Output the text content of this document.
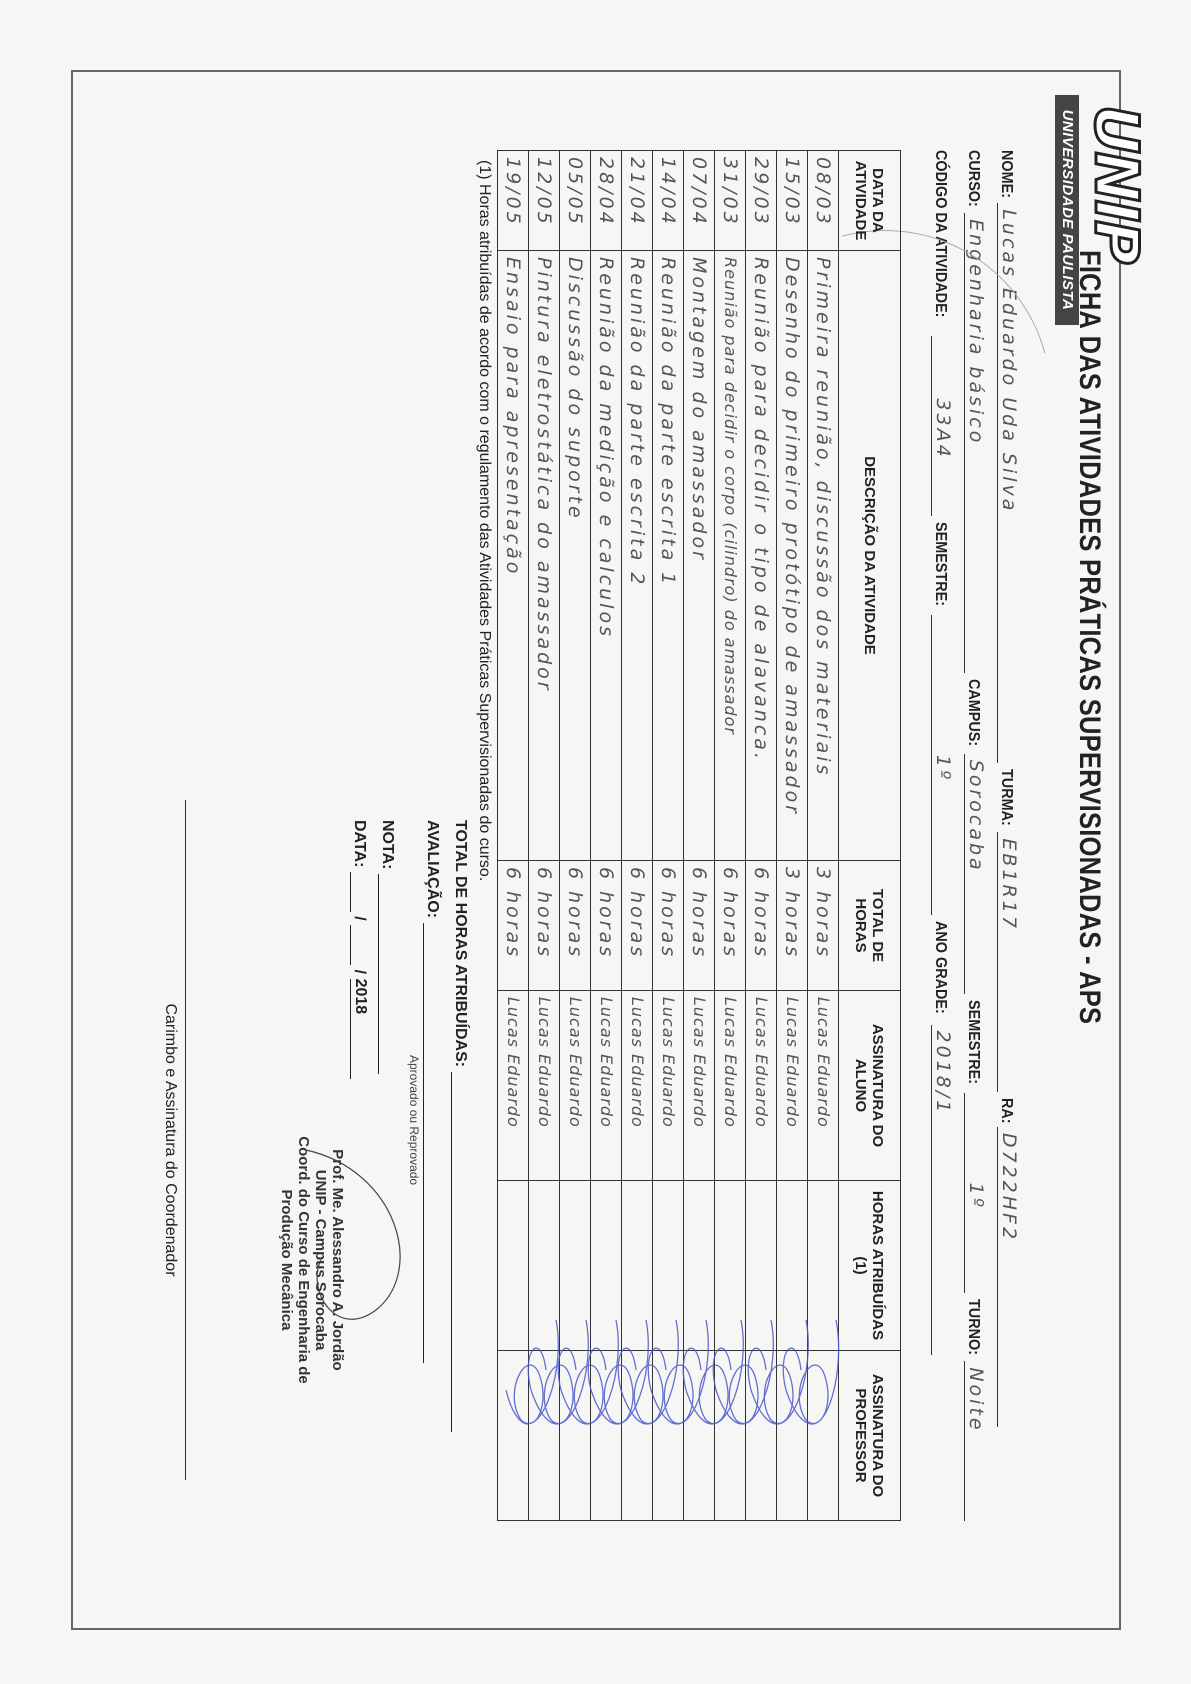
UNIP
UNIVERSIDADE PAULISTA
FICHA DAS ATIVIDADES PRÁTICAS SUPERVISIONADAS - APS
NOME:
Lucas Eduardo Uda Silva
TURMA:
EB1R17
RA:
D722HF2
CURSO:
Engenharia básico
CAMPUS:
Sorocaba
SEMESTRE:
1º
TURNO:
Noite
CÓDIGO DA ATIVIDADE:
33A4
SEMESTRE:
1º
ANO GRADE:
2018/1
DATA DA ATIVIDADE	DESCRIÇÃO DA ATIVIDADE	TOTAL DE HORAS	ASSINATURA DO ALUNO	HORAS ATRIBUÍDAS (1)	ASSINATURA DO PROFESSOR
08/03	Primeira reunião, discussão dos materiais	3 horas	Lucas Eduardo		
15/03	Desenho do primeiro protótipo de amassador	3 horas	Lucas Eduardo		
29/03	Reunião para decidir o tipo de alavanca.	6 horas	Lucas Eduardo		
31/03	Reunião para decidir o corpo (cilindro) do amassador	6 horas	Lucas Eduardo		
07/04	Montagem do amassador	6 horas	Lucas Eduardo		
14/04	Reunião da parte escrita 1	6 horas	Lucas Eduardo		
21/04	Reunião da parte escrita 2	6 horas	Lucas Eduardo		
28/04	Reunião da medição e calculos	6 horas	Lucas Eduardo		
05/05	Discussão do suporte	6 horas	Lucas Eduardo		
12/05	Pintura eletrostática do amassador	6 horas	Lucas Eduardo		
19/05	Ensaio para apresentação	6 horas	Lucas Eduardo		
(1) Horas atribuídas de acordo com o regulamento das Atividades Práticas Supervisionadas do curso.
TOTAL DE HORAS ATRIBUÍDAS:
AVALIAÇÃO:
Aprovado ou Reprovado
NOTA:
DATA:  /  / 2018
Prof. Me. Alessandro A. Jordão
UNIP - Campus Sorocaba
Coord. do Curso de Engenharia de
Produção Mecânica
Carimbo e Assinatura do Coordenador
